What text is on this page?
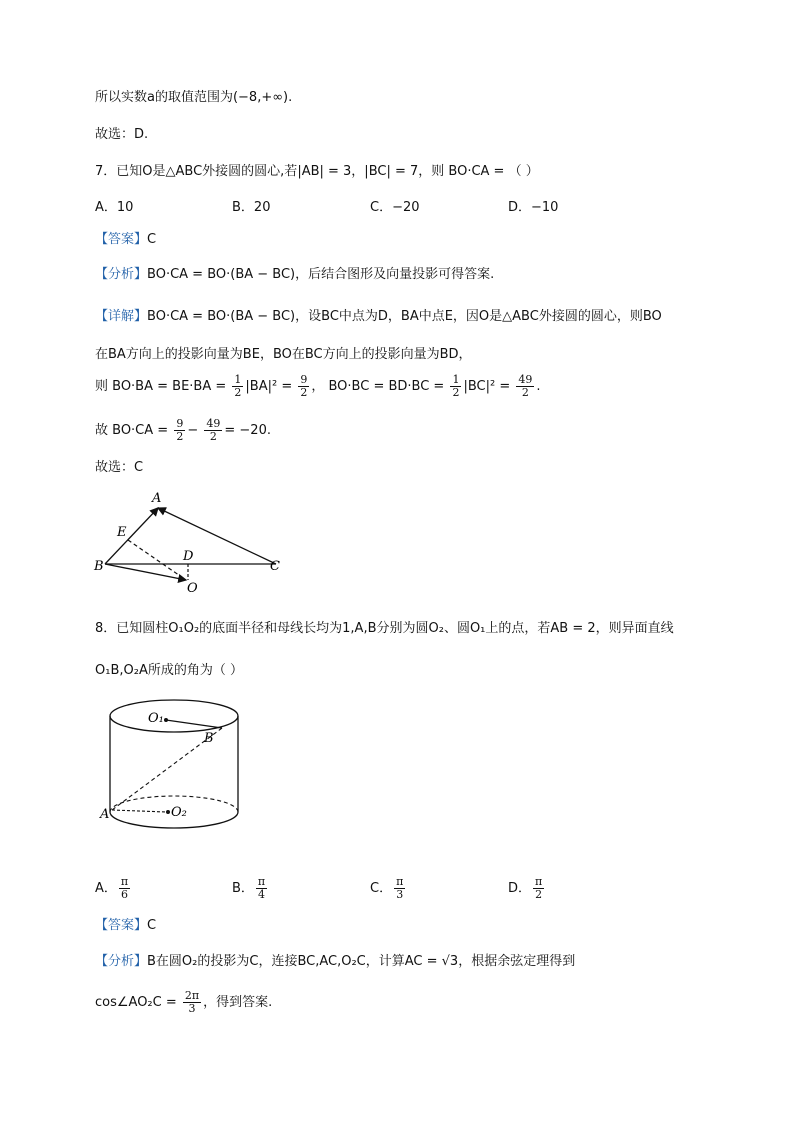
所以实数a的取值范围为(−8,+∞).
故选：D.
7．已知O是△ABC外接圆的圆心,若|AB| = 3，|BC| = 7，则 BO·CA = （ ）
A．10	B．20	C．−20	D．−10
【答案】C
【分析】BO·CA = BO·(BA − BC)，后结合图形及向量投影可得答案.
【详解】BO·CA = BO·(BA − BC)，设BC中点为D，BA中点E，因O是△ABC外接圆的圆心，则BO
在BA方向上的投影向量为BE，BO在BC方向上的投影向量为BD，
则 $BO\cdot BA = BE\cdot BA = \frac{1}{2} |BA|^2 = \frac{9}{2}$ ， $BO\cdot BC = BD\cdot BC = \frac{1}{2} |BC|^2 = \frac{49}{2}$ .
故 $BO\cdot CA = \frac{9}{2} - \frac{49}{2} = -20$.
故选：C
A
E
D
B	C
O
8．已知圆柱O₁O₂的底面半径和母线长均为1,A,B分别为圆O₂、圆O₁上的点，若AB = 2，则异面直线
O₁B,O₂A所成的角为（ ）
O₁
B
A	O₂
A． $\frac{\pi}{6}$	B． $\frac{\pi}{4}$	C． $\frac{\pi}{3}$	D． $\frac{\pi}{2}$
【答案】C
【分析】B在圆O₂的投影为C，连接BC,AC,O₂C，计算AC = √3，根据余弦定理得到
cos∠AO₂C = $\frac{2\pi}{3}$ ，得到答案.
